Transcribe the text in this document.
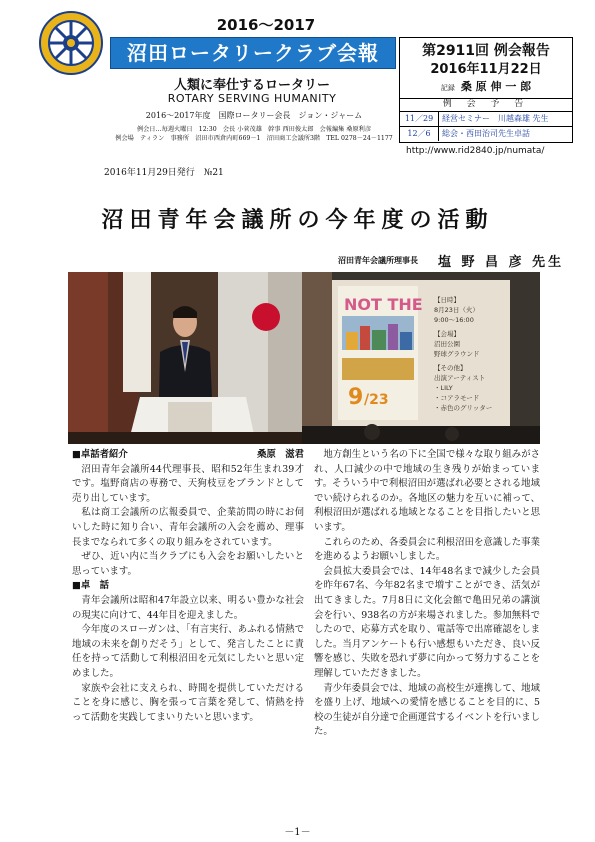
2016～2017
沼田ロータリークラブ会報
人類に奉仕するロータリー
ROTARY SERVING HUMANITY
2016～2017年度　国際ロータリー会長　ジョン・ジャーム
例会日…毎週火曜日　12:30　会長 小菅茂雄　幹事 西田俊太郎　会報編集 桑原利彦
例会場　ティラン　事務所　沼田市西倉内町669－1　沼田商工会議所3階　TEL 0278－24－1177
第2911回 例会報告
2016年11月22日
記録 桑 原 伸 一 郎
例 会 予 告
11／29 経営セミナー　川越森雄 先生
12／6 総会・西田治司先生卓話
http://www.rid2840.jp/numata/
2016年11月29日発行　№21
沼田青年会議所の今年度の活動
沼田青年会議所理事長 塩 野 昌 彦 先生
9 /23
NOT THE 【日時】
8月23日（火）
9:00～16:00
【会場】
沼田公園
野球グラウンド
【その他】
出演アーティスト
・LILY
・コアラモード
・赤色のグリッター
■卓話者紹介	桑原　滋君

沼田青年会議所44代理事長、昭和52年生まれ39才です。塩野商店の専務で、天狗枝豆をブランドとして売り出しています。

私は商工会議所の広報委員で、企業訪問の時にお伺いした時に知り合い、青年会議所の入会を薦め、理事長までなられて多くの取り組みをされています。

ぜひ、近い内に当クラブにも入会をお願いしたいと思っています。

■卓　話

青年会議所は昭和47年設立以来、明るい豊かな社会の現実に向けて、44年目を迎えました。

今年度のスローガンは、「有言実行、あふれる情熱で地域の未来を創りだそう」として、発言したことに責任を持って活動して利根沼田を元気にしたいと思い定めました。

家族や会社に支えられ、時間を提供していただけることを身に感じ、胸を張って言葉を発して、情熱を持って活動を実践してまいりたいと思います。

地方創生という名の下に全国で様々な取り組みがされ、人口減少の中で地域の生き残りが始まっています。そういう中で利根沼田が選ばれ必要とされる地域でい続けられるのか。各地区の魅力を互いに補って、利根沼田が選ばれる地域となることを目指したいと思います。

これらのため、各委員会に利根沼田を意識した事業を進めるようお願いしました。

会員拡大委員会では、14年48名まで減少した会員を昨年67名、今年82名まで増すことができ、活気が出てきました。7月8日に文化会館で亀田兄弟の講演会を行い、938名の方が来場されました。参加無料でしたので、応募方式を取り、電話等で出席確認をしました。当月アンケートも行い感想もいただき、良い反響を感じ、失敗を恐れず夢に向かって努力することを理解していただきました。

青少年委員会では、地域の高校生が連携して、地域を盛り上げ、地域への愛情を感じることを目的に、5校の生徒が自分達で企画運営するイベントを行いました。

－1－
